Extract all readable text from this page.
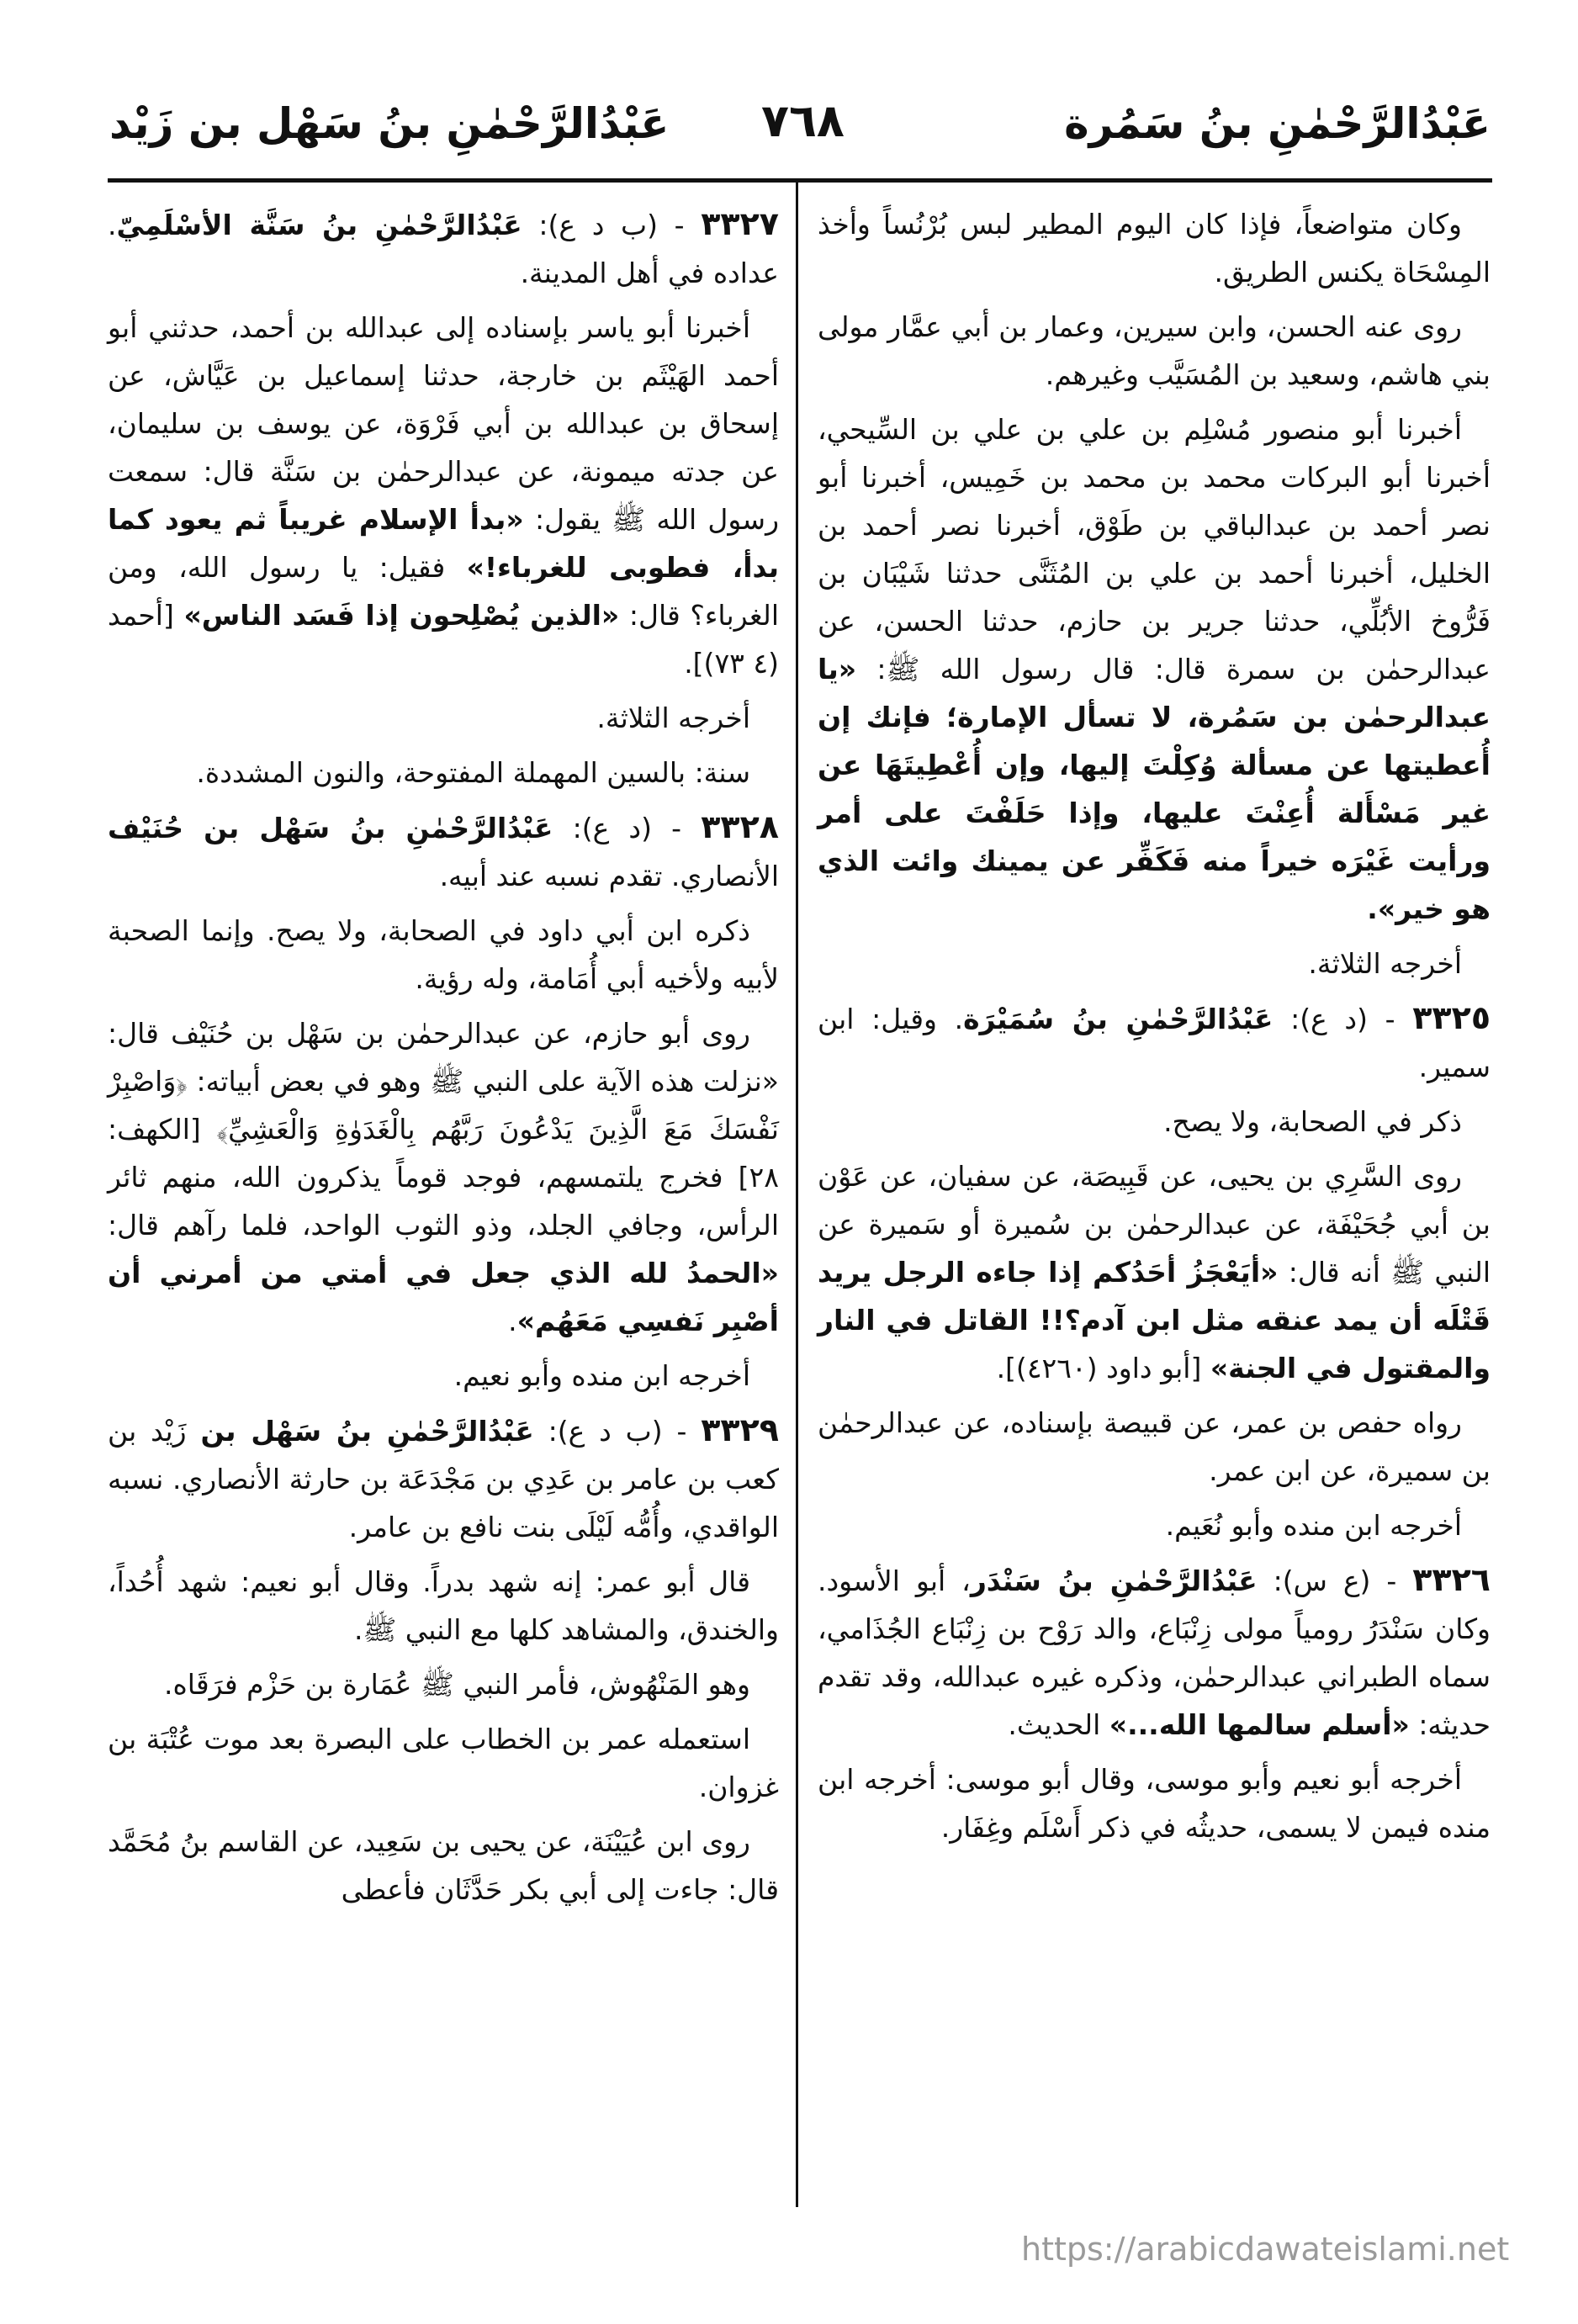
عَبْدُالرَّحْمٰنِ بنُ سَمُرة
٧٦٨
عَبْدُالرَّحْمٰنِ بنُ سَهْل بن زَيْد

وكان متواضعاً، فإذا كان اليوم المطير لبس بُرْنُساً وأخذ المِسْحَاة يكنس الطريق.

روى عنه الحسن، وابن سيرين، وعمار بن أبي عمَّار مولى بني هاشم، وسعيد بن المُسَيَّب وغيرهم.

أخبرنا أبو منصور مُسْلِم بن علي بن علي بن السِّيحي، أخبرنا أبو البركات محمد بن محمد بن خَمِيس، أخبرنا أبو نصر أحمد بن عبدالباقي بن طَوْق، أخبرنا نصر أحمد بن الخليل، أخبرنا أحمد بن علي بن المُثَنَّى حدثنا شَيْبَان بن فَرُّوخ الأبُلِّي، حدثنا جرير بن حازم، حدثنا الحسن، عن عبدالرحمٰن بن سمرة قال: قال رسول الله ﷺ: «يا عبدالرحمٰن بن سَمُرة، لا تسأل الإمارة؛ فإنك إن أُعطيتها عن مسألة وُكِلْتَ إليها، وإن أُعْطِيتَهَا عن غير مَسْأَلة أُعِنْتَ عليها، وإذا حَلَفْتَ على أمر ورأيت غَيْرَه خيراً منه فَكَفِّر عن يمينك وائت الذي هو خير».

أخرجه الثلاثة.

٣٣٢٥ - (د ع): عَبْدُالرَّحْمٰنِ بنُ سُمَيْرَة. وقيل: ابن سمير.

ذكر في الصحابة، ولا يصح.

روى السَّرِي بن يحيى، عن قَبِيصَة، عن سفيان، عن عَوْن بن أبي جُحَيْفَة، عن عبدالرحمٰن بن سُميرة أو سَميرة عن النبي ﷺ أنه قال: «أيَعْجَزُ أحَدُكم إذا جاءه الرجل يريد قَتْلَه أن يمد عنقه مثل ابن آدم؟!! القاتل في النار والمقتول في الجنة» [أبو داود (٤٢٦٠)].

رواه حفص بن عمر، عن قبيصة بإسناده، عن عبدالرحمٰن بن سميرة، عن ابن عمر.

أخرجه ابن منده وأبو نُعَيم.

٣٣٢٦ - (ع س): عَبْدُالرَّحْمٰنِ بنُ سَنْدَر، أبو الأسود. وكان سَنْدَرُ رومياً مولى زِنْبَاع، والد رَوْح بن زِنْبَاع الجُذَامي، سماه الطبراني عبدالرحمٰن، وذكره غيره عبدالله، وقد تقدم حديثه: «أسلم سالمها الله...» الحديث.

أخرجه أبو نعيم وأبو موسى، وقال أبو موسى: أخرجه ابن منده فيمن لا يسمى، حديثُه في ذكر أَسْلَم وغِفَار.

٣٣٢٧ - (ب د ع): عَبْدُالرَّحْمٰنِ بنُ سَنَّة الأسْلَمِيّ. عداده في أهل المدينة.

أخبرنا أبو ياسر بإسناده إلى عبدالله بن أحمد، حدثني أبو أحمد الهَيْثَم بن خارجة، حدثنا إسماعيل بن عَيَّاش، عن إسحاق بن عبدالله بن أبي فَرْوَة، عن يوسف بن سليمان، عن جدته ميمونة، عن عبدالرحمٰن بن سَنَّة قال: سمعت رسول الله ﷺ يقول: «بدأ الإسلام غريباً ثم يعود كما بدأ، فطوبى للغرباء!» فقيل: يا رسول الله، ومن الغرباء؟ قال: «الذين يُصْلِحون إذا فَسَد الناس» [أحمد (٤ ٧٣)].

أخرجه الثلاثة.

سنة: بالسين المهملة المفتوحة، والنون المشددة.

٣٣٢٨ - (د ع): عَبْدُالرَّحْمٰنِ بنُ سَهْل بن حُنَيْف الأنصاري. تقدم نسبه عند أبيه.

ذكره ابن أبي داود في الصحابة، ولا يصح. وإنما الصحبة لأبيه ولأخيه أبي أُمَامة، وله رؤية.

روى أبو حازم، عن عبدالرحمٰن بن سَهْل بن حُنَيْف قال: «نزلت هذه الآية على النبي ﷺ وهو في بعض أبياته: ﴿وَاصْبِرْ نَفْسَكَ مَعَ الَّذِينَ يَدْعُونَ رَبَّهُم بِالْغَدَوٰةِ وَالْعَشِيِّ﴾ [الكهف: ٢٨] فخرج يلتمسهم، فوجد قوماً يذكرون الله، منهم ثائر الرأس، وجافي الجلد، وذو الثوب الواحد، فلما رآهم قال: «الحمدُ لله الذي جعل في أمتي من أمرني أن أصْبِر نَفسِي مَعَهُم».

أخرجه ابن منده وأبو نعيم.

٣٣٢٩ - (ب د ع): عَبْدُالرَّحْمٰنِ بنُ سَهْل بن زَيْد بن كعب بن عامر بن عَدِي بن مَجْدَعَة بن حارثة الأنصاري. نسبه الواقدي، وأُمُّه لَيْلَى بنت نافع بن عامر.

قال أبو عمر: إنه شهد بدراً. وقال أبو نعيم: شهد أُحُداً، والخندق، والمشاهد كلها مع النبي ﷺ.

وهو المَنْهُوش، فأمر النبي ﷺ عُمَارة بن حَزْم فرَقَاه.

استعمله عمر بن الخطاب على البصرة بعد موت عُتْبَة بن غزوان.

روى ابن عُيَيْنَة، عن يحيى بن سَعِيد، عن القاسم بنُ مُحَمَّد قال: جاءت إلى أبي بكر حَدَّثَان فأعطى

https://arabicdawateislami.net
